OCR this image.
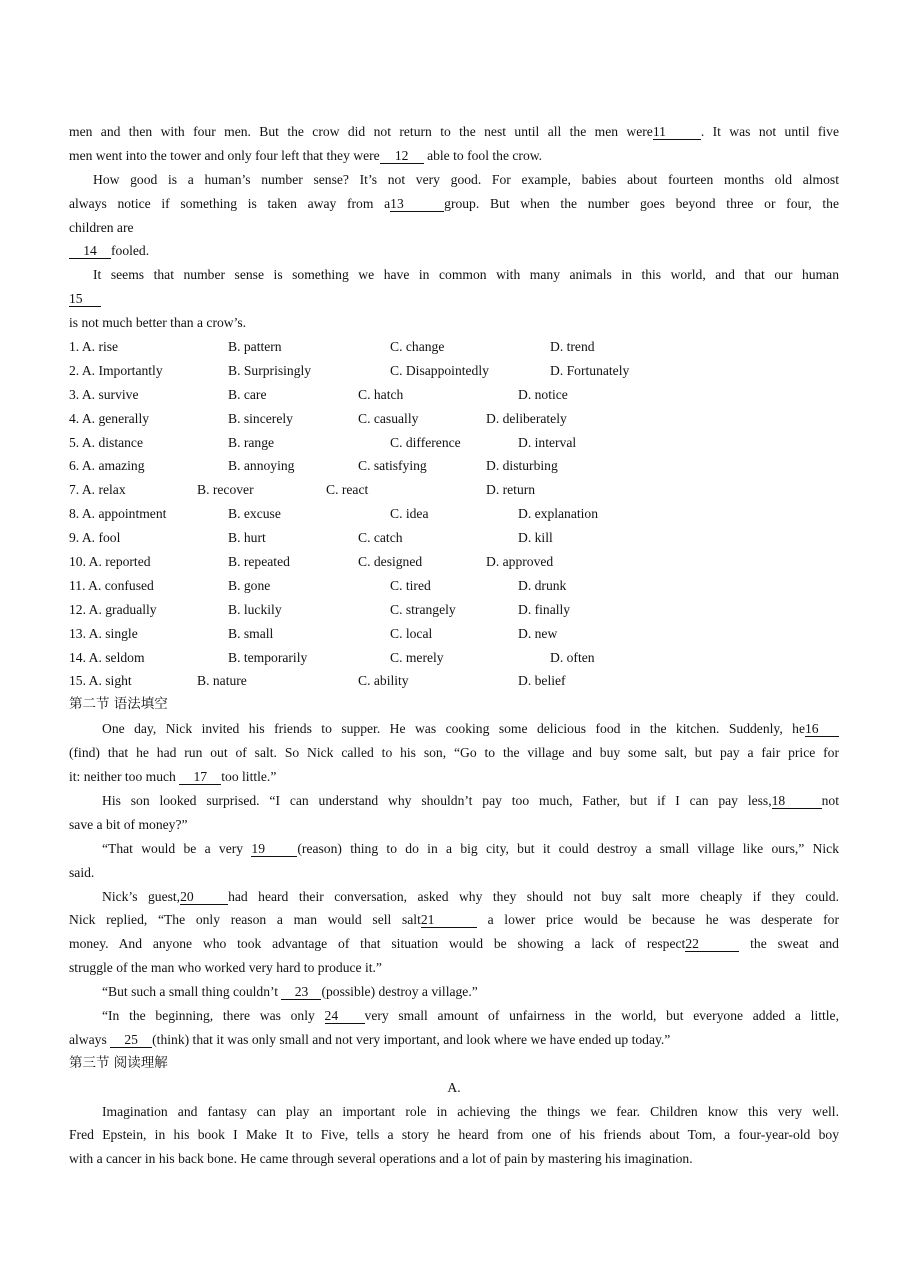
men and then with four men. But the crow did not return to the nest until all the men were11	. It was not until five
men went into the tower and only four left that they were 12 able to fool the crow.
How good is a human’s number sense? It’s not very good. For example, babies about fourteen months old almost
always notice if something is taken away from a13	group. But when the number goes beyond three or four, the
children are
14 fooled.
It seems that number sense is something we have in common with many animals in this world, and that our human
15
is not much better than a crow’s.
1. A. rise	B. pattern	C. change	D. trend
2. A. Importantly	B. Surprisingly	C. Disappointedly	D. Fortunately
3. A. survive	B. care	C. hatch	D. notice
4. A. generally	B. sincerely	C. casually	D. deliberately
5. A. distance	B. range	C. difference	D. interval
6. A. amazing	B. annoying	C. satisfying	D. disturbing
7. A. relax	B. recover	C. react	D. return
8. A. appointment	B. excuse	C. idea	D. explanation
9. A. fool	B. hurt	C. catch	D. kill
10. A. reported	B. repeated	C. designed	D. approved
11. A. confused	B. gone	C. tired	D. drunk
12. A. gradually	B. luckily	C. strangely	D. finally
13. A. single	B. small	C. local	D. new
14. A. seldom	B. temporarily	C. merely	D. often
15. A. sight	B. nature	C. ability	D. belief
第二节 语法填空
One day, Nick invited his friends to supper. He was cooking some delicious food in the kitchen. Suddenly, he16
(find) that he had run out of salt. So Nick called to his son, “Go to the village and buy some salt, but pay a fair price for
it: neither too much 17 too little.”
His son looked surprised. “I can understand why shouldn’t pay too much, Father, but if I can pay less,18	not
save a bit of money?”
“That would be a very 19 (reason) thing to do in a big city, but it could destroy a small village like ours,” Nick
said.
Nick’s guest,20	had heard their conversation, asked why they should not buy salt more cheaply if they could.
Nick replied, “The only reason a man would sell salt21	a lower price would be because he was desperate for
money. And anyone who took advantage of that situation would be showing a lack of respect22	the sweat and
struggle of the man who worked very hard to produce it.”
“But such a small thing couldn’t 23 (possible) destroy a village.”
“In the beginning, there was only 24 very small amount of unfairness in the world, but everyone added a little,
always 25 (think) that it was only small and not very important, and look where we have ended up today.”
第三节 阅读理解
A.
Imagination and fantasy can play an important role in achieving the things we fear. Children know this very well.
Fred Epstein, in his book I Make It to Five, tells a story he heard from one of his friends about Tom, a four-year-old boy
with a cancer in his back bone. He came through several operations and a lot of pain by mastering his imagination.
